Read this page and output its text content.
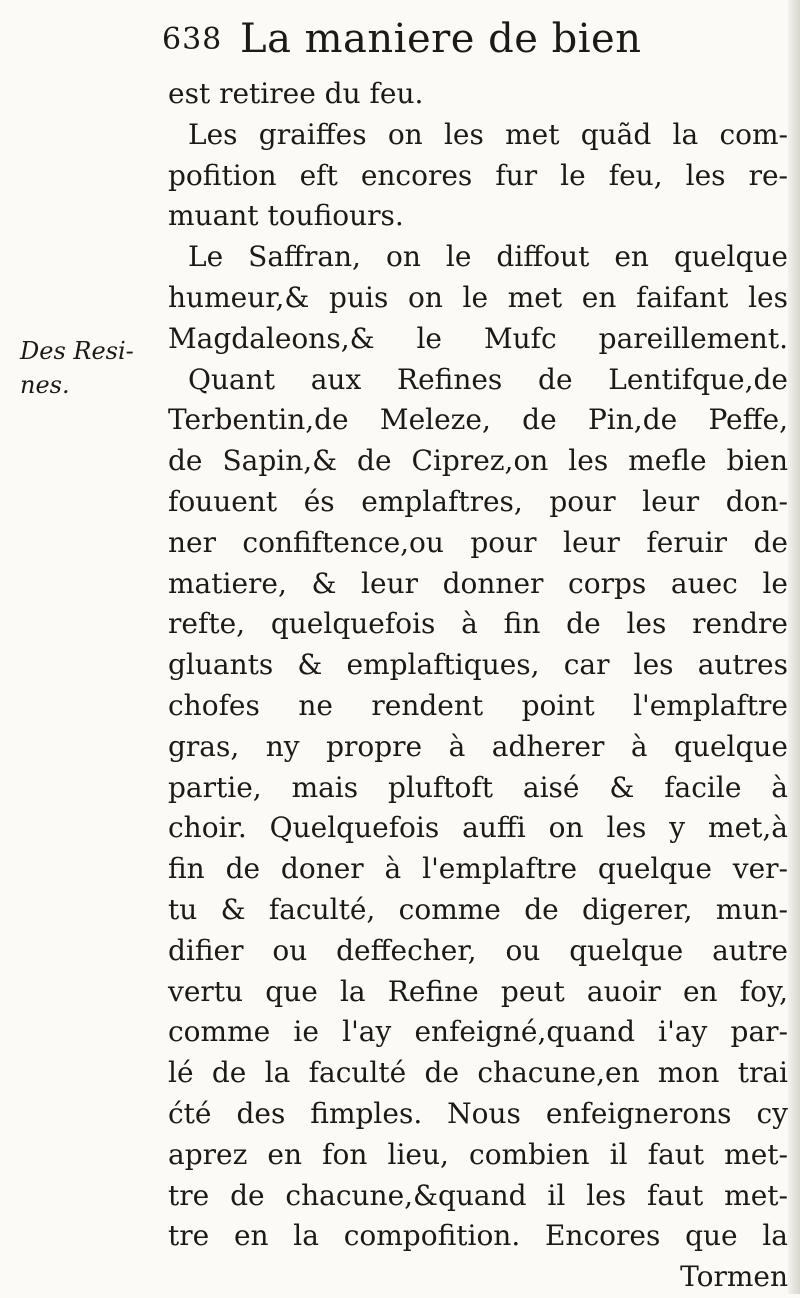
638 La maniere de bien
Des Resi-
nes.
est retiree du feu.
Les graiffes on les met quãd la com-
pofition eft encores fur le feu, les re-
muant toufiours.
Le Saffran, on le diffout en quelque
humeur,& puis on le met en faifant les
Magdaleons,& le Mufc pareillement.
Quant aux Refines de Lentifque,de
Terbentin,de Meleze, de Pin,de Peffe,
de Sapin,& de Ciprez,on les mefle bien
fouuent és emplaftres, pour leur don-
ner confiftence,ou pour leur feruir de
matiere, & leur donner corps auec le
refte, quelquefois à fin de les rendre
gluants & emplaftiques, car les autres
chofes ne rendent point l'emplaftre
gras, ny propre à adherer à quelque
partie, mais pluftoft aisé & facile à
choir. Quelquefois auffi on les y met,à
fin de doner à l'emplaftre quelque ver-
tu & faculté, comme de digerer, mun-
difier ou deffecher, ou quelque autre
vertu que la Refine peut auoir en foy,
comme ie l'ay enfeigné,quand i'ay par-
lé de la faculté de chacune,en mon trai
ćté des fimples. Nous enfeignerons cy
aprez en fon lieu, combien il faut met-
tre de chacune,&quand il les faut met-
tre en la compofition. Encores que la
Tormen
